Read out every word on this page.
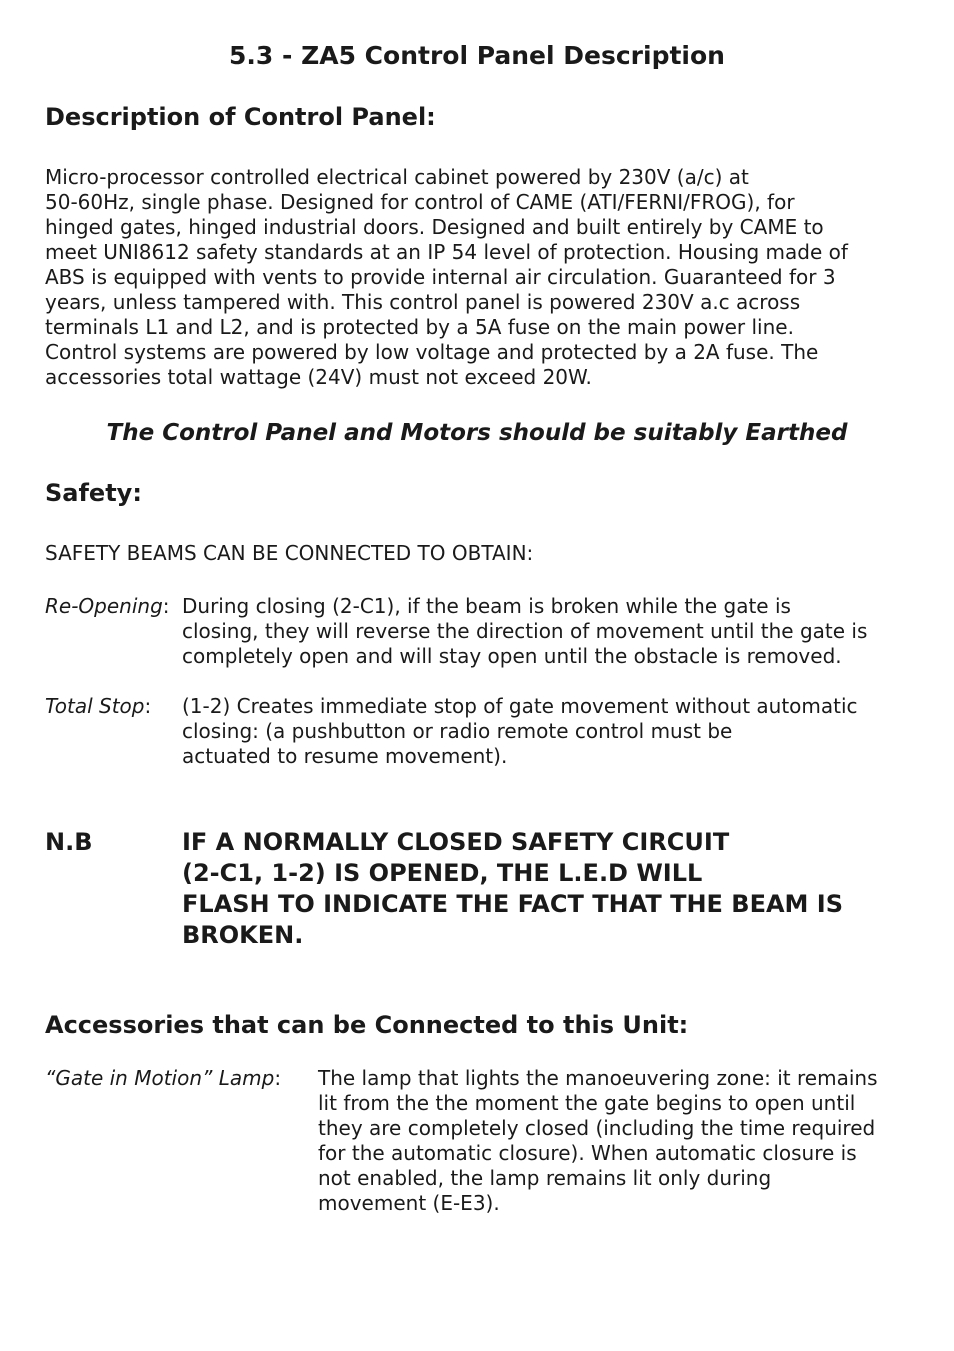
5.3 - ZA5 Control Panel Description
Description of Control Panel:
Micro-processor controlled electrical cabinet powered by 230V (a/c) at
50-60Hz, single phase. Designed for control of CAME (ATI/FERNI/FROG), for
hinged gates, hinged industrial doors. Designed and built entirely by CAME to
meet UNI8612 safety standards at an IP 54 level of protection. Housing made of
ABS is equipped with vents to provide internal air circulation. Guaranteed for 3
years, unless tampered with. This control panel is powered 230V a.c across
terminals L1 and L2, and is protected by a 5A fuse on the main power line.
Control systems are powered by low voltage and protected by a 2A fuse. The
accessories total wattage (24V) must not exceed 20W.
The Control Panel and Motors should be suitably Earthed
Safety:
SAFETY BEAMS CAN BE CONNECTED TO OBTAIN:
Re-Opening: During closing (2-C1), if the beam is broken while the gate is
closing, they will reverse the direction of movement until the gate is
completely open and will stay open until the obstacle is removed.
Total Stop: (1-2) Creates immediate stop of gate movement without automatic
closing: (a pushbutton or radio remote control must be
actuated to resume movement).
N.B	IF A NORMALLY CLOSED SAFETY CIRCUIT
(2-C1, 1-2) IS OPENED, THE L.E.D WILL
FLASH TO INDICATE THE FACT THAT THE BEAM IS
BROKEN.
Accessories that can be Connected to this Unit:
“Gate in Motion” Lamp: The lamp that lights the manoeuvering zone: it remains
lit from the the moment the gate begins to open until
they are completely closed (including the time required
for the automatic closure). When automatic closure is
not enabled, the lamp remains lit only during
movement (E-E3).
